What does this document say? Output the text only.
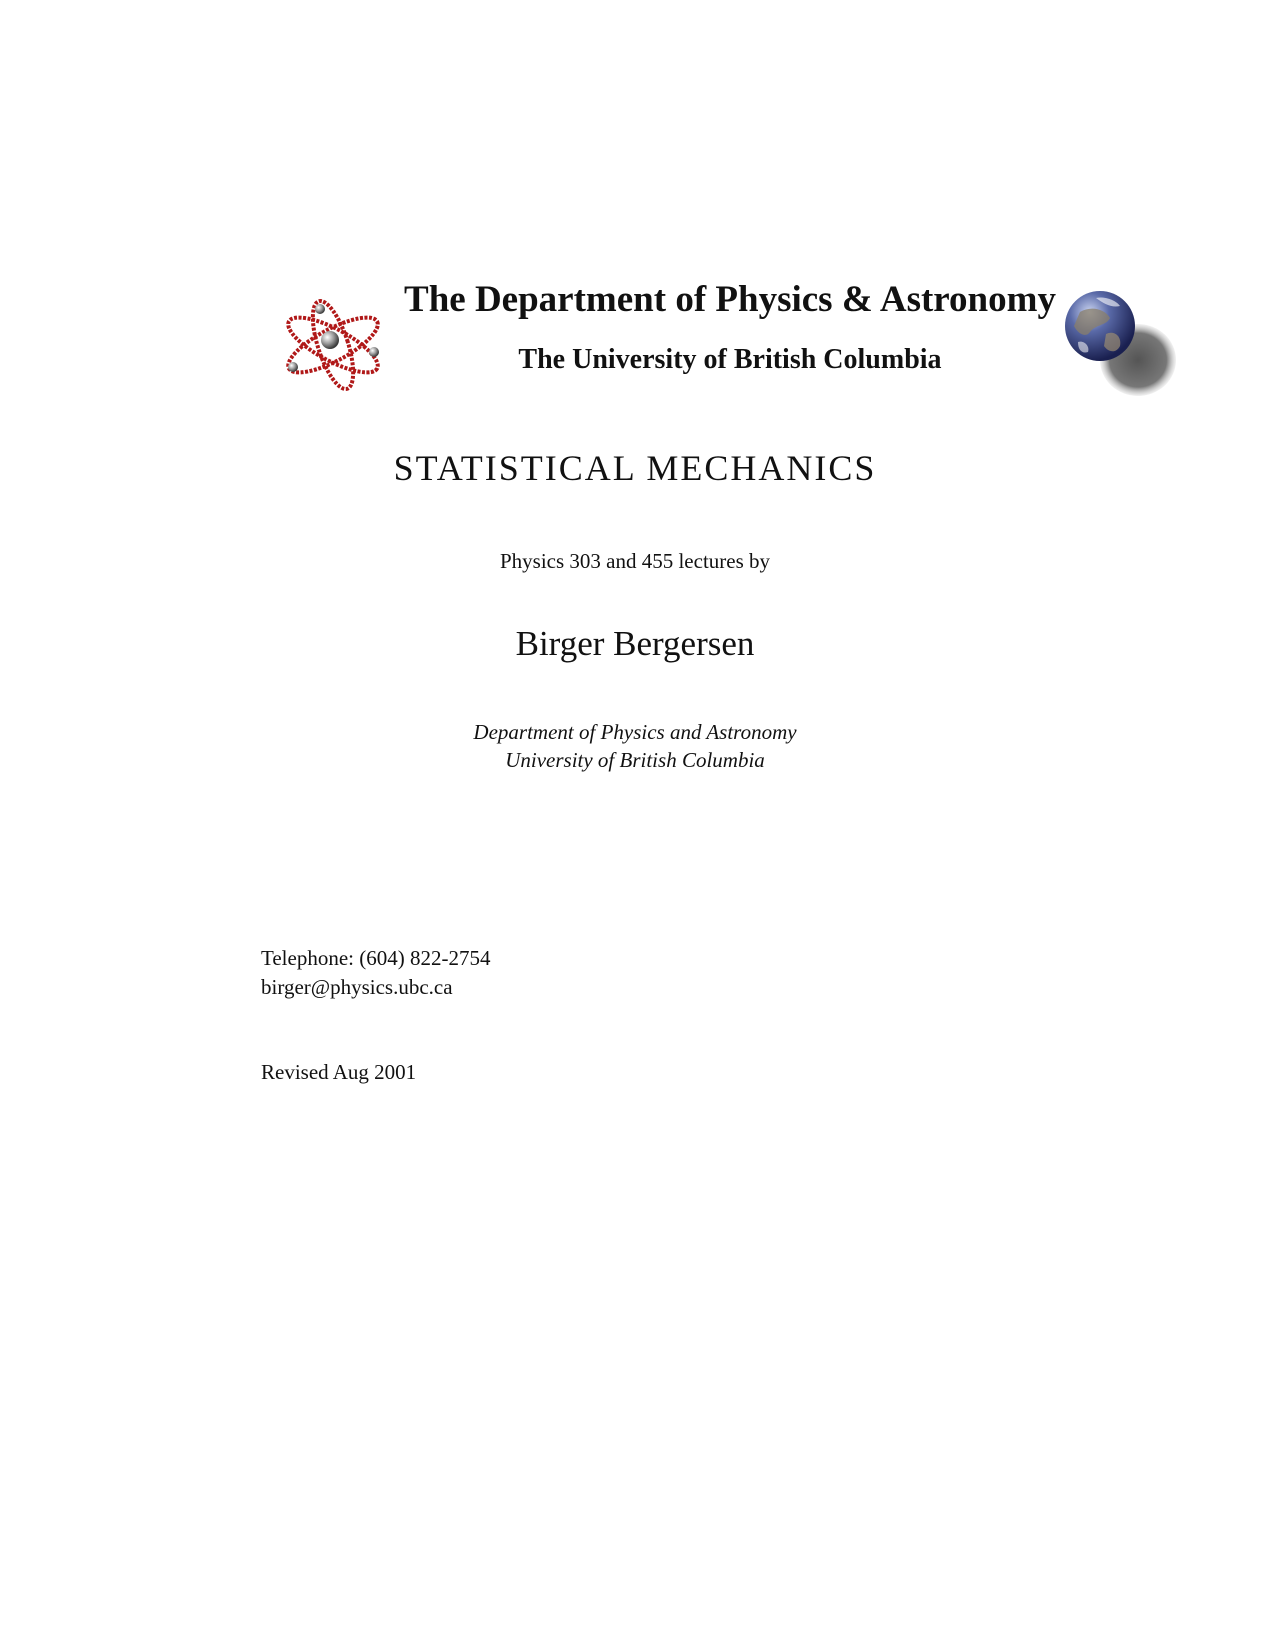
The Department of Physics & Astronomy
The University of British Columbia
STATISTICAL MECHANICS
Physics 303 and 455 lectures by
Birger Bergersen
Department of Physics and Astronomy
University of British Columbia
Telephone: (604) 822-2754
birger@physics.ubc.ca
Revised Aug 2001
